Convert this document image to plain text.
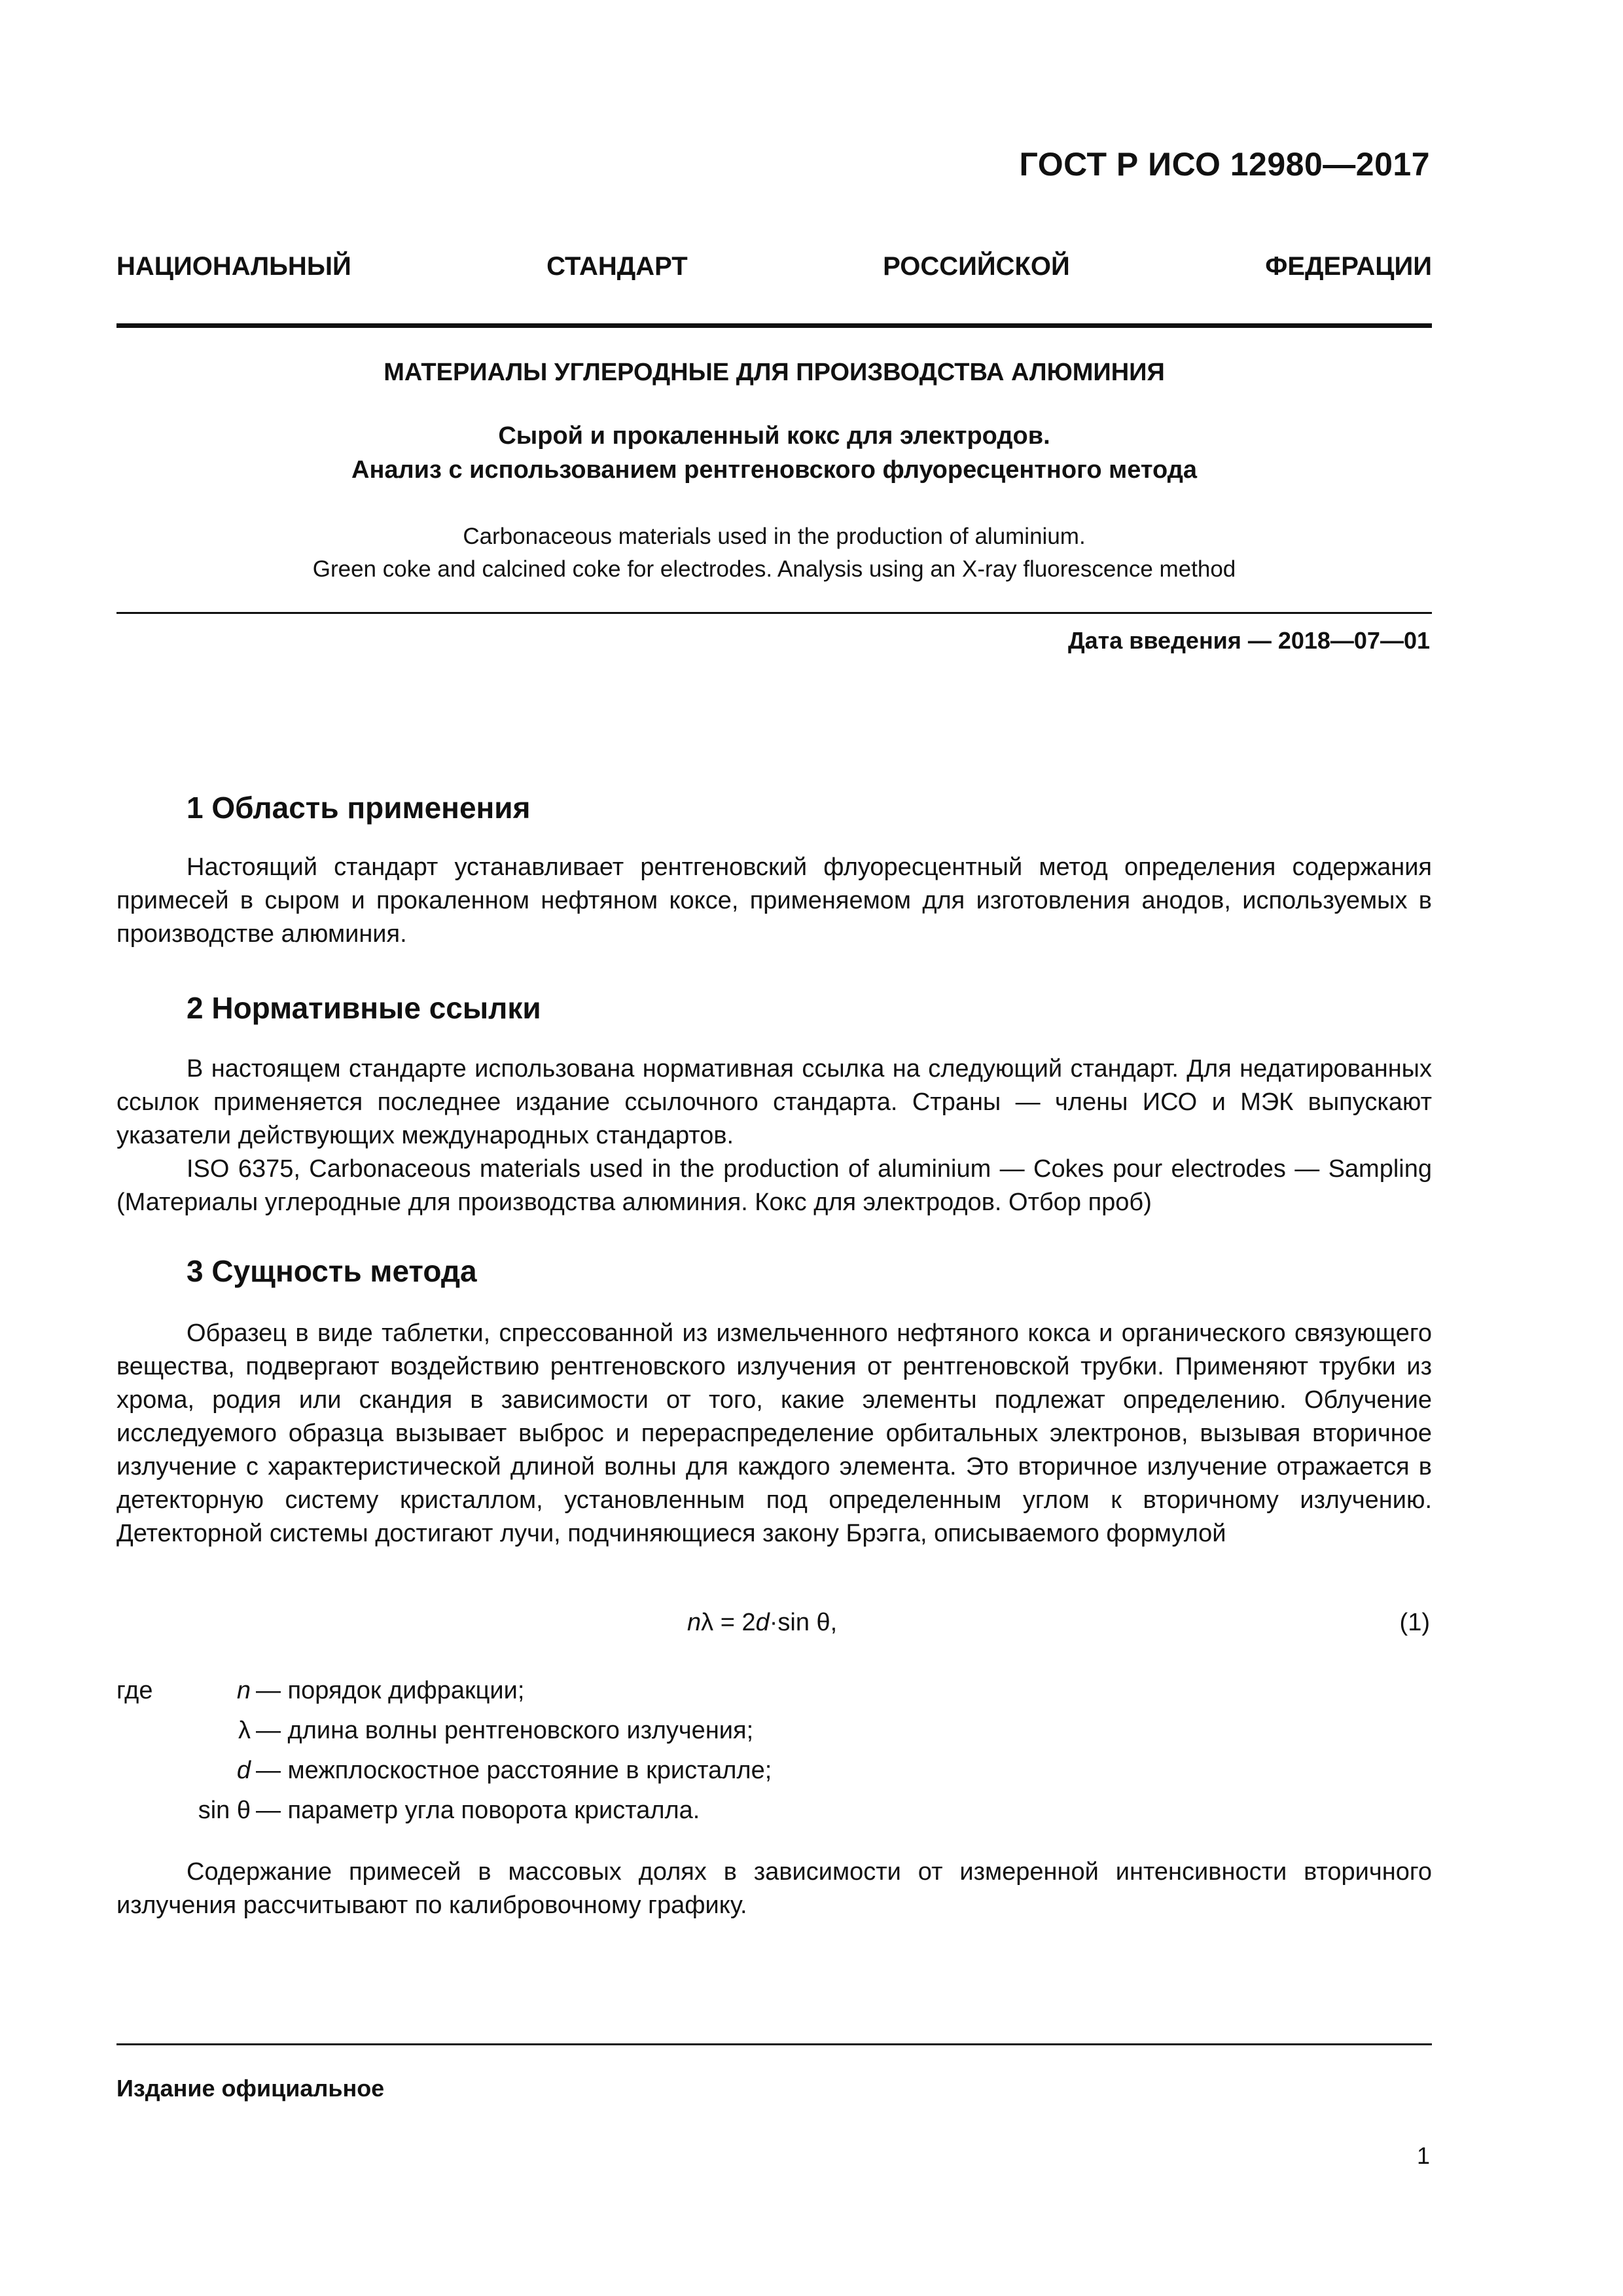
ГОСТ Р ИСО 12980—2017
НАЦИОНАЛЬНЫЙ	СТАНДАРТ	РОССИЙСКОЙ	ФЕДЕРАЦИИ
МАТЕРИАЛЫ УГЛЕРОДНЫЕ ДЛЯ ПРОИЗВОДСТВА АЛЮМИНИЯ
Сырой и прокаленный кокс для электродов.
Анализ с использованием рентгеновского флуоресцентного метода
Carbonaceous materials used in the production of aluminium.
Green coke and calcined coke for electrodes. Analysis using an X-ray fluorescence method
Дата введения — 2018—07—01
1 Область применения
Настоящий стандарт устанавливает рентгеновский флуоресцентный метод определения содержания примесей в сыром и прокаленном нефтяном коксе, применяемом для изготовления анодов, используемых в производстве алюминия.
2 Нормативные ссылки
В настоящем стандарте использована нормативная ссылка на следующий стандарт. Для недатированных ссылок применяется последнее издание ссылочного стандарта. Страны — члены ИСО и МЭК выпускают указатели действующих международных стандартов.
ISO 6375, Carbonaceous materials used in the production of aluminium — Cokes pour electrodes — Sampling (Материалы углеродные для производства алюминия. Кокс для электродов. Отбор проб)
3 Сущность метода
Образец в виде таблетки, спрессованной из измельченного нефтяного кокса и органического связующего вещества, подвергают воздействию рентгеновского излучения от рентгеновской трубки. Применяют трубки из хрома, родия или скандия в зависимости от того, какие элементы подлежат определению. Облучение исследуемого образца вызывает выброс и перераспределение орбитальных электронов, вызывая вторичное излучение с характеристической длиной волны для каждого элемента. Это вторичное излучение отражается в детекторную систему кристаллом, установленным под определенным углом к вторичному излучению. Детекторной системы достигают лучи, подчиняющиеся закону Брэгга, описываемого формулой
nλ = 2d·sin θ,	(1)
где	n — порядок дифракции;
λ — длина волны рентгеновского излучения;
d — межплоскостное расстояние в кристалле;
sin θ — параметр угла поворота кристалла.
Содержание примесей в массовых долях в зависимости от измеренной интенсивности вторичного излучения рассчитывают по калибровочному графику.
Издание официальное
1
